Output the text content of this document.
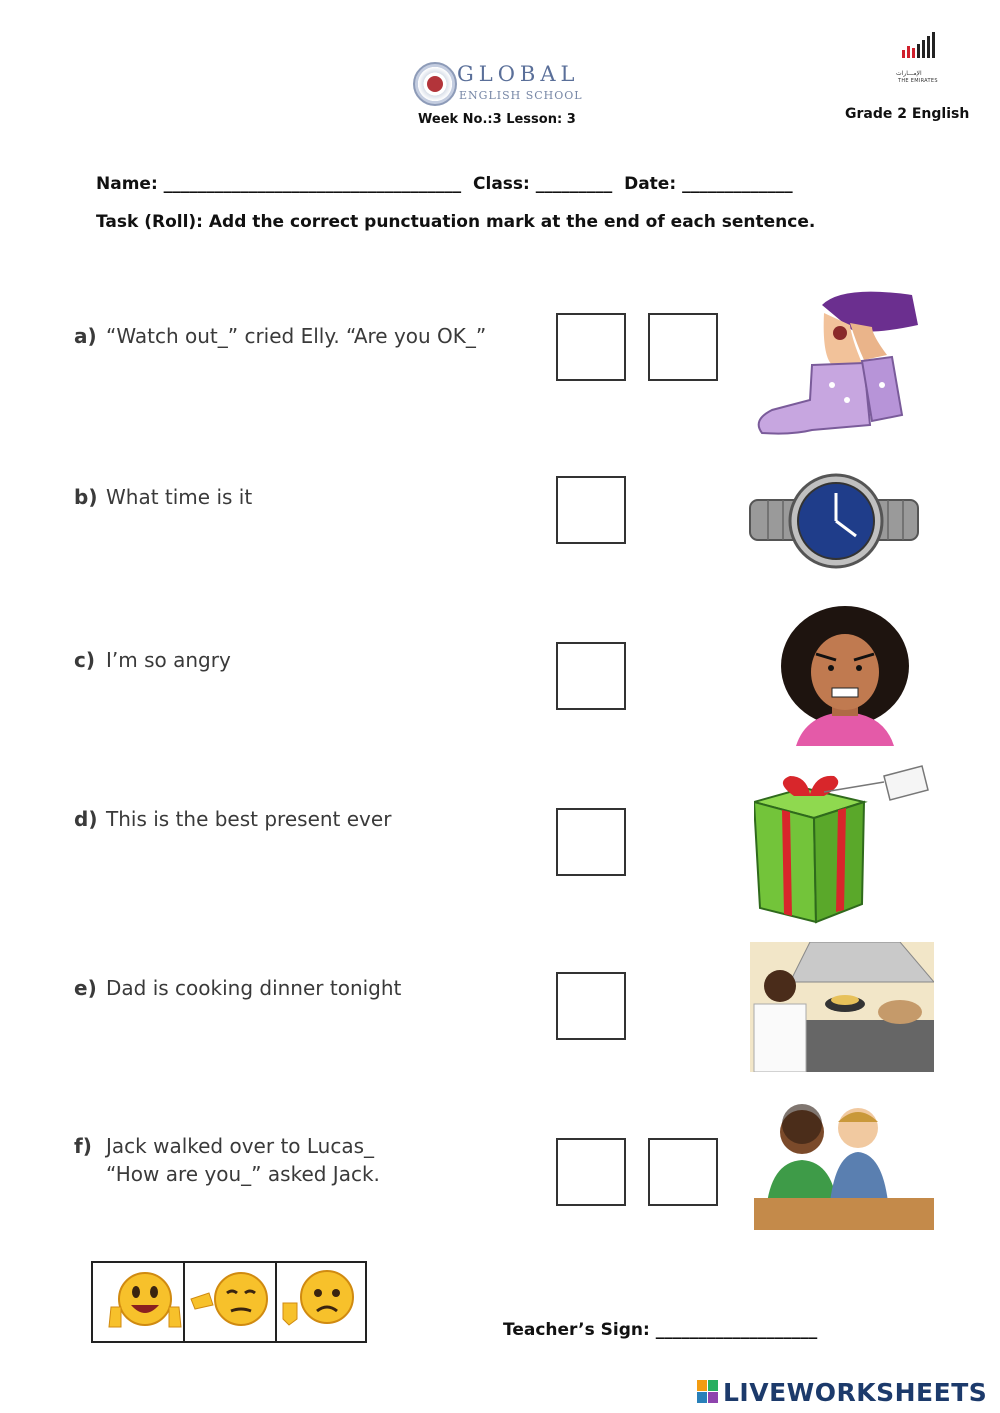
GLOBAL
ENGLISH SCHOOL
Week No.:3 Lesson: 3	Grade 2 English
الإمـــارات
THE EMIRATES
Name: ___________________________________ Class: _________ Date: _____________
Task (Roll): Add the correct punctuation mark at the end of each sentence.
a) “Watch out_” cried Elly. “Are you OK_”
b) What time is it
c) I’m so angry
d) This is the best present ever
e) Dad is cooking dinner tonight
f) Jack walked over to Lucas_
“How are you_” asked Jack.
Teacher’s Sign: ___________________
LIVEWORKSHEETS
